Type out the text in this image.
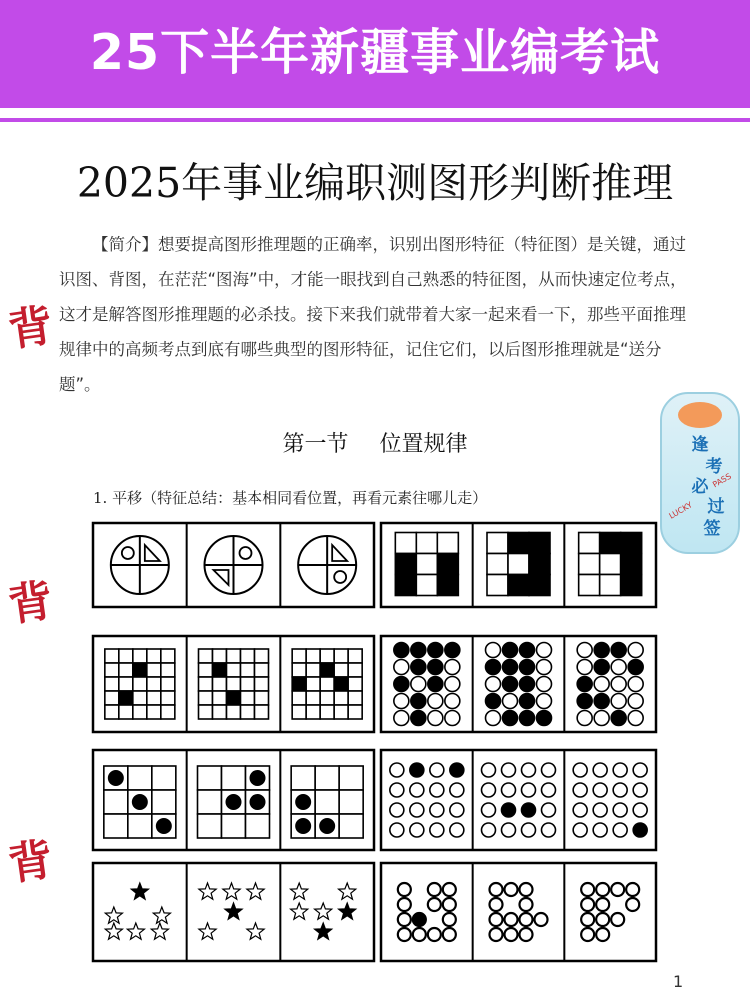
25下半年新疆事业编考试
2025年事业编职测图形判断推理
【简介】想要提高图形推理题的正确率，识别出图形特征（特征图）是关键，通过识图、背图，在茫茫“图海”中，才能一眼找到自己熟悉的特征图，从而快速定位考点，这才是解答图形推理题的必杀技。接下来我们就带着大家一起来看一下，那些平面推理规律中的高频考点到底有哪些典型的图形特征，记住它们，以后图形推理就是“送分题”。
背
背
背
第一节 位置规律
1. 平移（特征总结：基本相同看位置，再看元素往哪儿走）
逢
考
必
过
签
LUCKY
PASS
1
